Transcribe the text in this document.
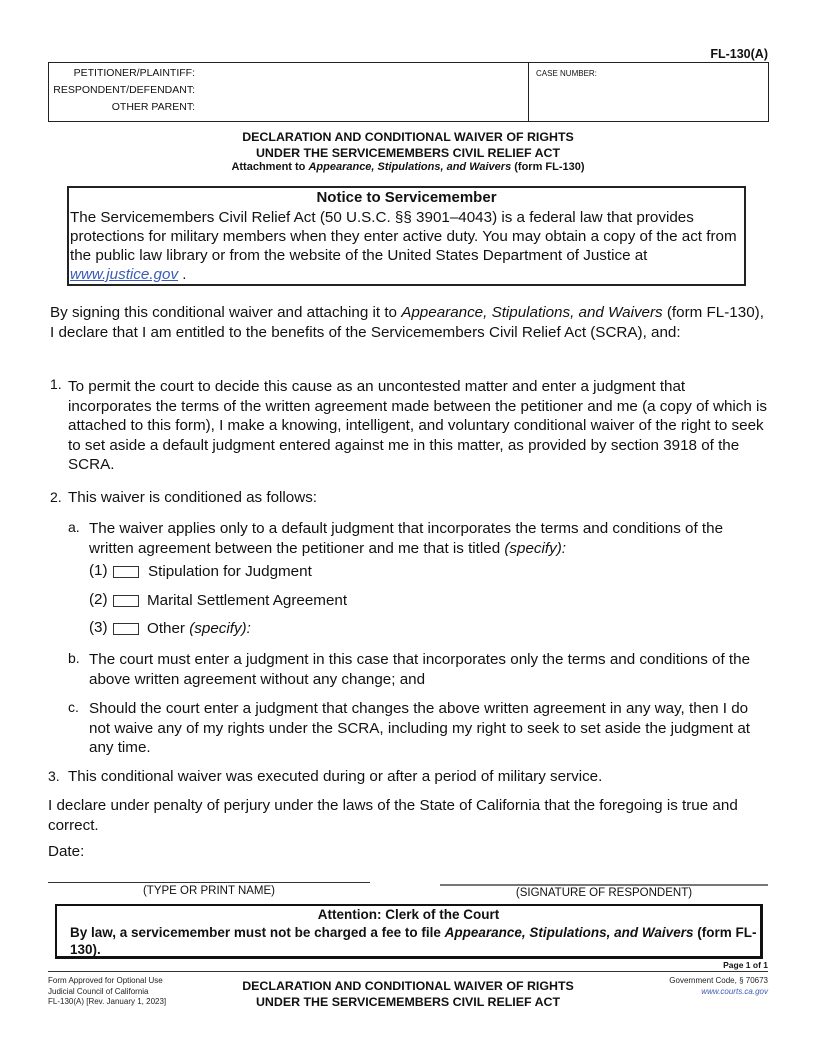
FL-130(A)
PETITIONER/PLAINTIFF:
RESPONDENT/DEFENDANT:
OTHER PARENT:
CASE NUMBER:
DECLARATION AND CONDITIONAL WAIVER OF RIGHTS
UNDER THE SERVICEMEMBERS CIVIL RELIEF ACT
Attachment to Appearance, Stipulations, and Waivers (form FL-130)
Notice to Servicemember
The Servicemembers Civil Relief Act (50 U.S.C. §§ 3901–4043) is a federal law that provides protections for military members when they enter active duty. You may obtain a copy of the act from the public law library or from the website of the United States Department of Justice at www.justice.gov .
By signing this conditional waiver and attaching it to Appearance, Stipulations, and Waivers (form FL-130), I declare that I am entitled to the benefits of the Servicemembers Civil Relief Act (SCRA), and:
1. To permit the court to decide this cause as an uncontested matter and enter a judgment that incorporates the terms of the written agreement made between the petitioner and me (a copy of which is attached to this form), I make a knowing, intelligent, and voluntary conditional waiver of the right to seek to set aside a default judgment entered against me in this matter, as provided by section 3918 of the SCRA.
2. This waiver is conditioned as follows:
a. The waiver applies only to a default judgment that incorporates the terms and conditions of the written agreement between the petitioner and me that is titled (specify):
(1)	Stipulation for Judgment
(2)	Marital Settlement Agreement
(3)	Other (specify):
b. The court must enter a judgment in this case that incorporates only the terms and conditions of the above written agreement without any change; and
c. Should the court enter a judgment that changes the above written agreement in any way, then I do not waive any of my rights under the SCRA, including my right to seek to set aside the judgment at any time.
3. This conditional waiver was executed during or after a period of military service.
I declare under penalty of perjury under the laws of the State of California that the foregoing is true and correct.
Date:
(TYPE OR PRINT NAME)	(SIGNATURE OF RESPONDENT)
Attention: Clerk of the Court
By law, a servicemember must not be charged a fee to file Appearance, Stipulations, and Waivers (form FL-130).
Page 1 of 1
Form Approved for Optional Use
Judicial Council of California
FL-130(A) [Rev. January 1, 2023]
DECLARATION AND CONDITIONAL WAIVER OF RIGHTS
UNDER THE SERVICEMEMBERS CIVIL RELIEF ACT
Government Code, § 70673
www.courts.ca.gov
